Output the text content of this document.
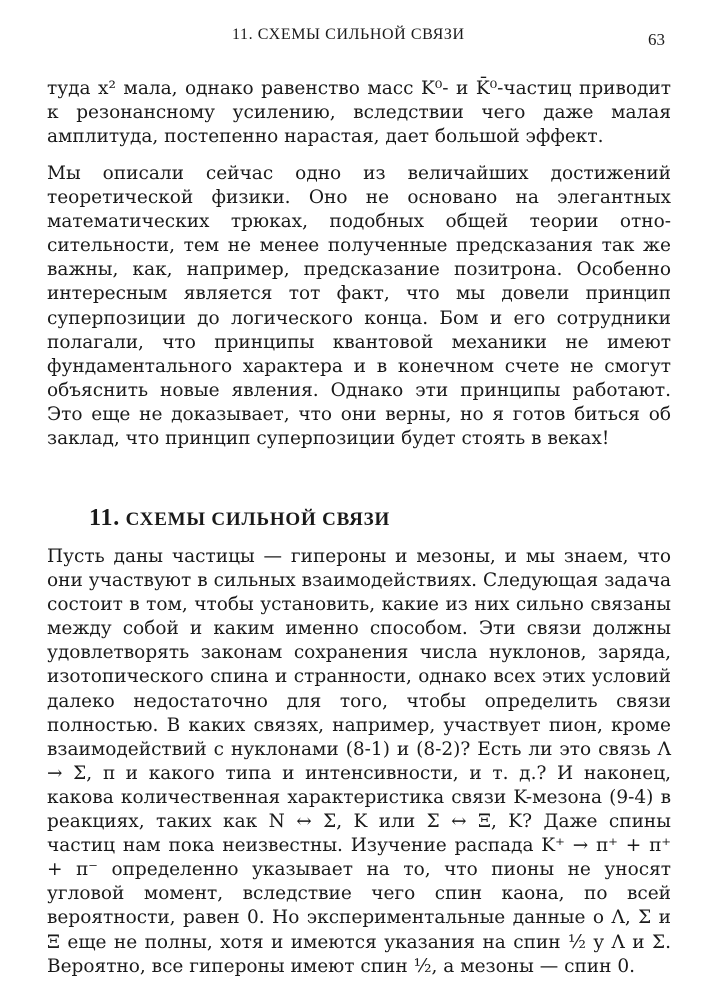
11. СХЕМЫ СИЛЬНОЙ СВЯЗИ	63

туда x² мала, однако равенство масс K⁰- и K̄⁰-частиц приводит к резонансному усилению, вследствии чего даже малая амплитуда, постепенно нарастая, дает большой эффект.

Мы описали сейчас одно из величайших достижений теоретической физики. Оно не основано на элегантных математических трюках, подобных общей теории относительности, тем не менее полученные предсказания так же важны, как, например, предсказание позитрона. Особенно интересным является тот факт, что мы довели принцип суперпозиции до логического конца. Бом и его сотрудники полагали, что принципы квантовой механики не имеют фундаментального характера и в конечном счете не смогут объяснить новые явления. Однако эти принципы работают. Это еще не доказывает, что они верны, но я готов биться об заклад, что принцип суперпозиции будет стоять в веках!

11. СХЕМЫ СИЛЬНОЙ СВЯЗИ

Пусть даны частицы — гипероны и мезоны, и мы знаем, что они участвуют в сильных взаимодействиях. Следующая задача состоит в том, чтобы установить, какие из них сильно связаны между собой и каким именно способом. Эти связи должны удовлетворять законам сохранения числа нуклонов, заряда, изотопического спина и странности, однако всех этих условий далеко недостаточно для того, чтобы определить связи полностью. В каких связях, например, участвует пион, кроме взаимодействий с нуклонами (8-1) и (8-2)? Есть ли это связь Λ → Σ, π и какого типа и интенсивности, и т. д.? И наконец, какова количественная характеристика связи K-мезона (9-4) в реакциях, таких как N ↔ Σ, K или Σ ↔ Ξ, K? Даже спины частиц нам пока неизвестны. Изучение распада K⁺ → π⁺ + π⁺ + π⁻ определенно указывает на то, что пионы не уносят угловой момент, вследствие чего спин каона, по всей вероятности, равен 0. Но экспериментальные данные о Λ, Σ и Ξ еще не полны, хотя и имеются указания на спин ½ у Λ и Σ. Вероятно, все гипероны имеют спин ½, а мезоны — спин 0.
